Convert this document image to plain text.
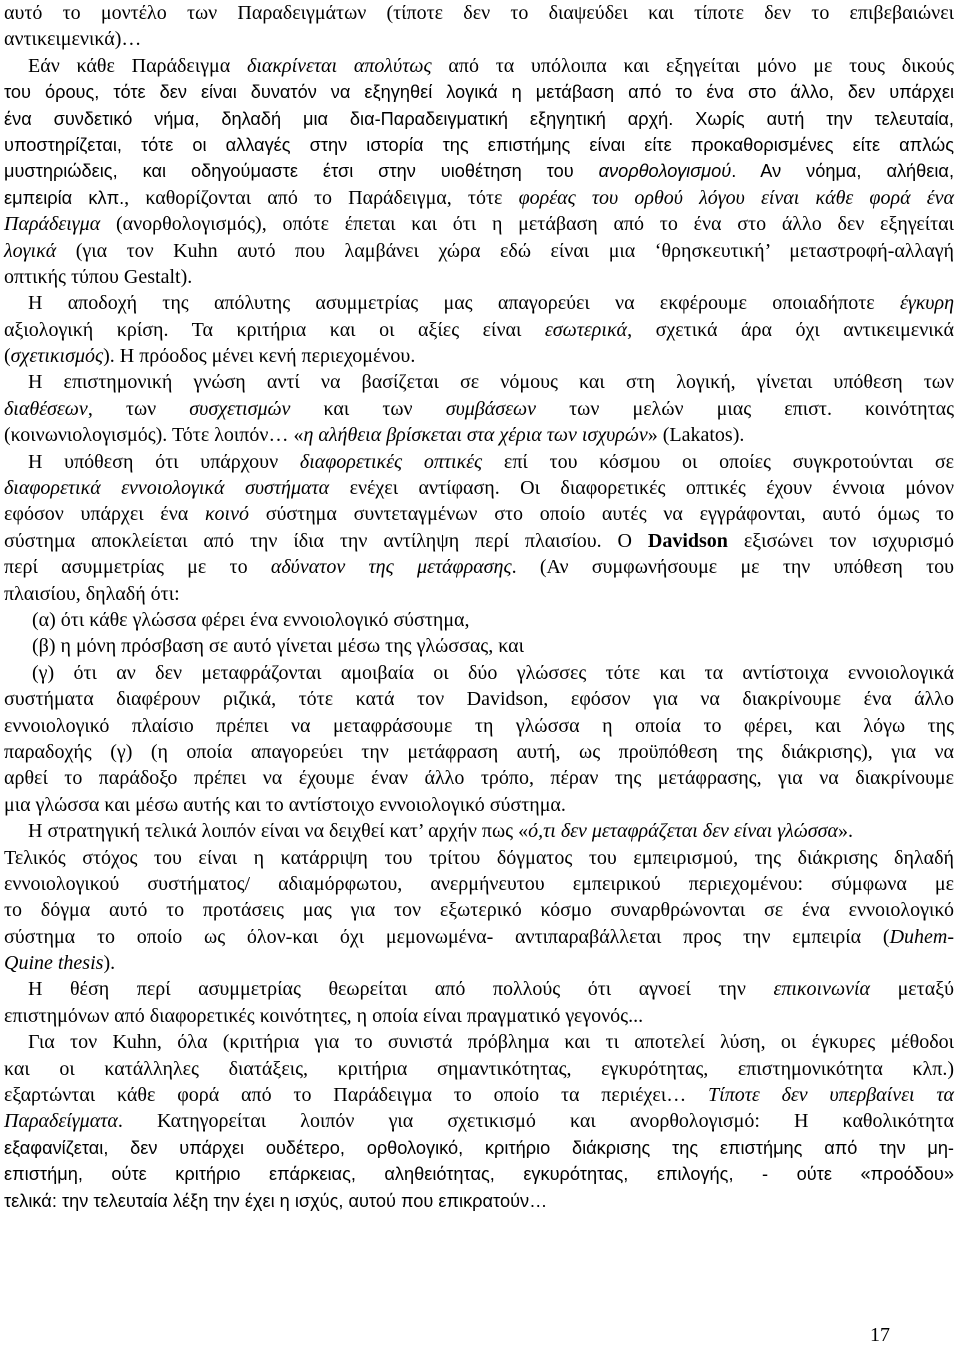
αυτό το μοντέλο των Παραδειγμάτων (τίποτε δεν το διαψεύδει και τίποτε δεν το επιβεβαιώνει
αντικειμενικά)…
Εάν κάθε Παράδειγμα διακρίνεται απολύτως από τα υπόλοιπα και εξηγείται μόνο με τους δικούς
του όρους, τότε δεν είναι δυνατόν να εξηγηθεί λογικά η μετάβαση από το ένα στο άλλο, δεν υπάρχει
ένα συνδετικό νήμα, δηλαδή μια δια-Παραδειγματική εξηγητική αρχή. Χωρίς αυτή την τελευταία,
υποστηρίζεται, τότε οι αλλαγές στην ιστορία της επιστήμης είναι είτε προκαθορισμένες είτε απλώς
μυστηριώδεις, και οδηγούμαστε έτσι στην υιοθέτηση του ανορθολογισμού. Αν νόημα, αλήθεια,
εμπειρία κλπ., καθορίζονται από το Παράδειγμα, τότε φορέας του ορθού λόγου είναι κάθε φορά ένα
Παράδειγμα (ανορθολογισμός), οπότε έπεται και ότι η μετάβαση από το ένα στο άλλο δεν εξηγείται
λογικά (για τον Kuhn αυτό που λαμβάνει χώρα εδώ είναι μια ‘θρησκευτική’ μεταστροφή-αλλαγή
οπτικής τύπου Gestalt).
Η αποδοχή της απόλυτης ασυμμετρίας μας απαγορεύει να εκφέρουμε οποιαδήποτε έγκυρη
αξιολογική κρίση. Τα κριτήρια και οι αξίες είναι εσωτερικά, σχετικά άρα όχι αντικειμενικά
(σχετικισμός). Η πρόοδος μένει κενή περιεχομένου.
Η επιστημονική γνώση αντί να βασίζεται σε νόμους και στη λογική, γίνεται υπόθεση των
διαθέσεων, των συσχετισμών και των συμβάσεων των μελών μιας επιστ. κοινότητας
(κοινωνιολογισμός). Τότε λοιπόν… «η αλήθεια βρίσκεται στα χέρια των ισχυρών» (Lakatos).
Η υπόθεση ότι υπάρχουν διαφορετικές οπτικές επί του κόσμου οι οποίες συγκροτούνται σε
διαφορετικά εννοιολογικά συστήματα ενέχει αντίφαση. Οι διαφορετικές οπτικές έχουν έννοια μόνον
εφόσον υπάρχει ένα κοινό σύστημα συντεταγμένων στο οποίο αυτές να εγγράφονται, αυτό όμως το
σύστημα αποκλείεται από την ίδια την αντίληψη περί πλαισίου. Ο Davidson εξισώνει τον ισχυρισμό
περί ασυμμετρίας με το αδύνατον της μετάφρασης. (Αν συμφωνήσουμε με την υπόθεση του
πλαισίου, δηλαδή ότι:
(α) ότι κάθε γλώσσα φέρει ένα εννοιολογικό σύστημα,
(β) η μόνη πρόσβαση σε αυτό γίνεται μέσω της γλώσσας, και
(γ) ότι αν δεν μεταφράζονται αμοιβαία οι δύο γλώσσες τότε και τα αντίστοιχα εννοιολογικά
συστήματα διαφέρουν ριζικά, τότε κατά τον Davidson, εφόσον για να διακρίνουμε ένα άλλο
εννοιολογικό πλαίσιο πρέπει να μεταφράσουμε τη γλώσσα η οποία το φέρει, και λόγω της
παραδοχής (γ) (η οποία απαγορεύει την μετάφραση αυτή, ως προϋπόθεση της διάκρισης), για να
αρθεί το παράδοξο πρέπει να έχουμε έναν άλλο τρόπο, πέραν της μετάφρασης, για να διακρίνουμε
μια γλώσσα και μέσω αυτής και το αντίστοιχο εννοιολογικό σύστημα.
Η στρατηγική τελικά λοιπόν είναι να δειχθεί κατ’ αρχήν πως «ό,τι δεν μεταφράζεται δεν είναι γλώσσα».
Τελικός στόχος του είναι η κατάρριψη του τρίτου δόγματος του εμπειρισμού, της διάκρισης δηλαδή
εννοιολογικού συστήματος/ αδιαμόρφωτου, ανερμήνευτου εμπειρικού περιεχομένου: σύμφωνα με
το δόγμα αυτό το προτάσεις μας για τον εξωτερικό κόσμο συναρθρώνονται σε ένα εννοιολογικό
σύστημα το οποίο ως όλον-και όχι μεμονωμένα- αντιπαραβάλλεται προς την εμπειρία (Duhem-
Quine thesis).
Η θέση περί ασυμμετρίας θεωρείται από πολλούς ότι αγνοεί την επικοινωνία μεταξύ
επιστημόνων από διαφορετικές κοινότητες, η οποία είναι πραγματικό γεγονός...
Για τον Kuhn, όλα (κριτήρια για το συνιστά πρόβλημα και τι αποτελεί λύση, οι έγκυρες μέθοδοι
και οι κατάλληλες διατάξεις, κριτήρια σημαντικότητας, εγκυρότητας, επιστημονικότητα κλπ.)
εξαρτώνται κάθε φορά από το Παράδειγμα το οποίο τα περιέχει… Τίποτε δεν υπερβαίνει τα
Παραδείγματα. Κατηγορείται λοιπόν για σχετικισμό και ανορθολογισμό: Η καθολικότητα
εξαφανίζεται, δεν υπάρχει ουδέτερο, ορθολογικό, κριτήριο διάκρισης της επιστήμης από την μη-
επιστήμη, ούτε κριτήριο επάρκειας, αληθειότητας, εγκυρότητας, επιλογής, - ούτε «προόδου»
τελικά: την τελευταία λέξη την έχει η ισχύς, αυτού που επικρατούν…
17
